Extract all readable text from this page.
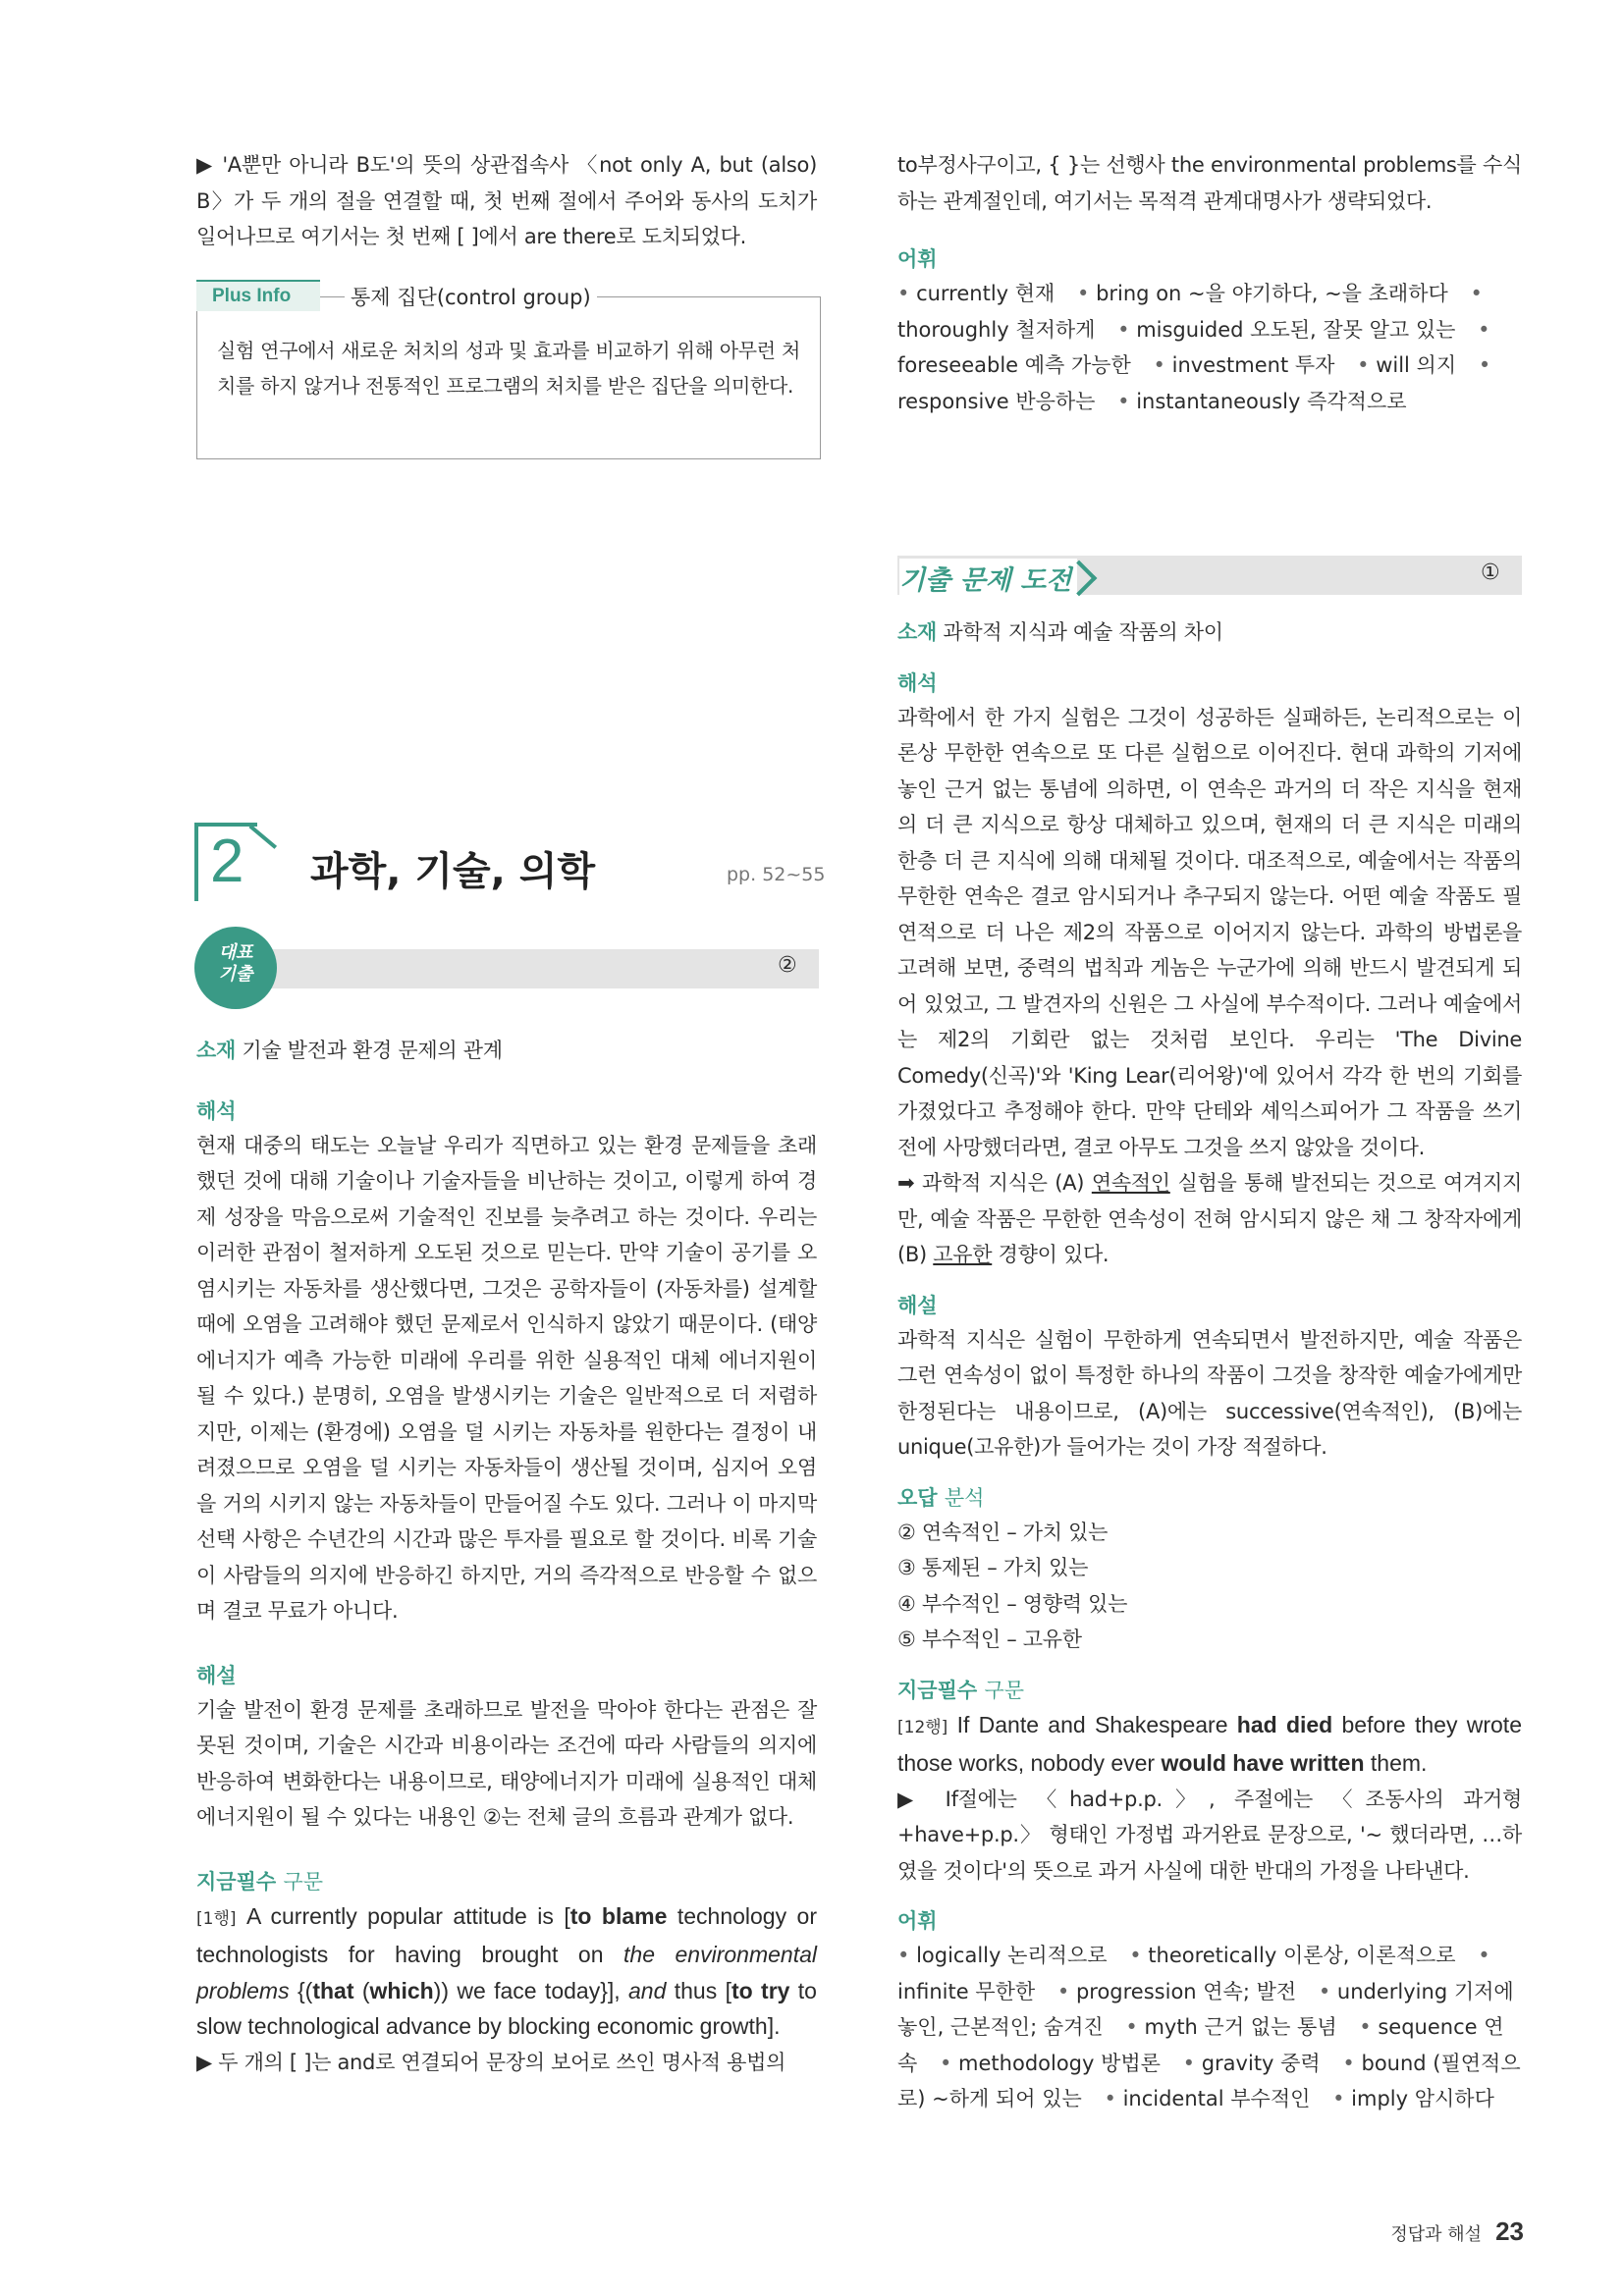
▶ 'A뿐만 아니라 B도'의 뜻의 상관접속사 〈not only A, but (also) B〉가 두 개의 절을 연결할 때, 첫 번째 절에서 주어와 동사의 도치가 일어나므로 여기서는 첫 번째 [ ]에서 are there로 도치되었다.

Plus Info	통제 집단(control group)

실험 연구에서 새로운 처치의 성과 및 효과를 비교하기 위해 아무런 처치를 하지 않거나 전통적인 프로그램의 처치를 받은 집단을 의미한다.

2 과학, 기술, 의학	pp. 52~55
대표
기출	②

소재 기술 발전과 환경 문제의 관계

해석

현재 대중의 태도는 오늘날 우리가 직면하고 있는 환경 문제들을 초래했던 것에 대해 기술이나 기술자들을 비난하는 것이고, 이렇게 하여 경제 성장을 막음으로써 기술적인 진보를 늦추려고 하는 것이다. 우리는 이러한 관점이 철저하게 오도된 것으로 믿는다. 만약 기술이 공기를 오염시키는 자동차를 생산했다면, 그것은 공학자들이 (자동차를) 설계할 때에 오염을 고려해야 했던 문제로서 인식하지 않았기 때문이다. (태양에너지가 예측 가능한 미래에 우리를 위한 실용적인 대체 에너지원이 될 수 있다.) 분명히, 오염을 발생시키는 기술은 일반적으로 더 저렴하지만, 이제는 (환경에) 오염을 덜 시키는 자동차를 원한다는 결정이 내려졌으므로 오염을 덜 시키는 자동차들이 생산될 것이며, 심지어 오염을 거의 시키지 않는 자동차들이 만들어질 수도 있다. 그러나 이 마지막 선택 사항은 수년간의 시간과 많은 투자를 필요로 할 것이다. 비록 기술이 사람들의 의지에 반응하긴 하지만, 거의 즉각적으로 반응할 수 없으며 결코 무료가 아니다.

해설

기술 발전이 환경 문제를 초래하므로 발전을 막아야 한다는 관점은 잘못된 것이며, 기술은 시간과 비용이라는 조건에 따라 사람들의 의지에 반응하여 변화한다는 내용이므로, 태양에너지가 미래에 실용적인 대체 에너지원이 될 수 있다는 내용인 ②는 전체 글의 흐름과 관계가 없다.

지금필수 구문

[1행] A currently popular attitude is [to blame technology or technologists for having brought on the environmental problems {(that (which)) we face today}], and thus [to try to slow technological advance by blocking economic growth].

▶ 두 개의 [ ]는 and로 연결되어 문장의 보어로 쓰인 명사적 용법의

to부정사구이고, { }는 선행사 the environmental problems를 수식하는 관계절인데, 여기서는 목적격 관계대명사가 생략되었다.

어휘

• currently 현재 • bring on ~을 야기하다, ~을 초래하다 • thoroughly 철저하게 • misguided 오도된, 잘못 알고 있는 • foreseeable 예측 가능한 • investment 투자 • will 의지 • responsive 반응하는 • instantaneously 즉각적으로
기출 문제 도전	①

소재 과학적 지식과 예술 작품의 차이

해석

과학에서 한 가지 실험은 그것이 성공하든 실패하든, 논리적으로는 이론상 무한한 연속으로 또 다른 실험으로 이어진다. 현대 과학의 기저에 놓인 근거 없는 통념에 의하면, 이 연속은 과거의 더 작은 지식을 현재의 더 큰 지식으로 항상 대체하고 있으며, 현재의 더 큰 지식은 미래의 한층 더 큰 지식에 의해 대체될 것이다. 대조적으로, 예술에서는 작품의 무한한 연속은 결코 암시되거나 추구되지 않는다. 어떤 예술 작품도 필연적으로 더 나은 제2의 작품으로 이어지지 않는다. 과학의 방법론을 고려해 보면, 중력의 법칙과 게놈은 누군가에 의해 반드시 발견되게 되어 있었고, 그 발견자의 신원은 그 사실에 부수적이다. 그러나 예술에서는 제2의 기회란 없는 것처럼 보인다. 우리는 'The Divine Comedy(신곡)'와 'King Lear(리어왕)'에 있어서 각각 한 번의 기회를 가졌었다고 추정해야 한다. 만약 단테와 셰익스피어가 그 작품을 쓰기 전에 사망했더라면, 결코 아무도 그것을 쓰지 않았을 것이다.

➡ 과학적 지식은 (A) 연속적인 실험을 통해 발전되는 것으로 여겨지지만, 예술 작품은 무한한 연속성이 전혀 암시되지 않은 채 그 창작자에게 (B) 고유한 경향이 있다.

해설

과학적 지식은 실험이 무한하게 연속되면서 발전하지만, 예술 작품은 그런 연속성이 없이 특정한 하나의 작품이 그것을 창작한 예술가에게만 한정된다는 내용이므로, (A)에는 successive(연속적인), (B)에는 unique(고유한)가 들어가는 것이 가장 적절하다.

오답 분석

② 연속적인 – 가치 있는
③ 통제된 – 가치 있는
④ 부수적인 – 영향력 있는
⑤ 부수적인 – 고유한

지금필수 구문

[12행] If Dante and Shakespeare had died before they wrote those works, nobody ever would have written them.

▶ If절에는 〈had+p.p.〉, 주절에는 〈조동사의 과거형+have+p.p.〉 형태인 가정법 과거완료 문장으로, '~ 했더라면, …하였을 것이다'의 뜻으로 과거 사실에 대한 반대의 가정을 나타낸다.

어휘

• logically 논리적으로 • theoretically 이론상, 이론적으로 • infinite 무한한 • progression 연속; 발전 • underlying 기저에 놓인, 근본적인; 숨겨진 • myth 근거 없는 통념 • sequence 연속 • methodology 방법론 • gravity 중력 • bound (필연적으로) ~하게 되어 있는 • incidental 부수적인 • imply 암시하다
정답과 해설 23
